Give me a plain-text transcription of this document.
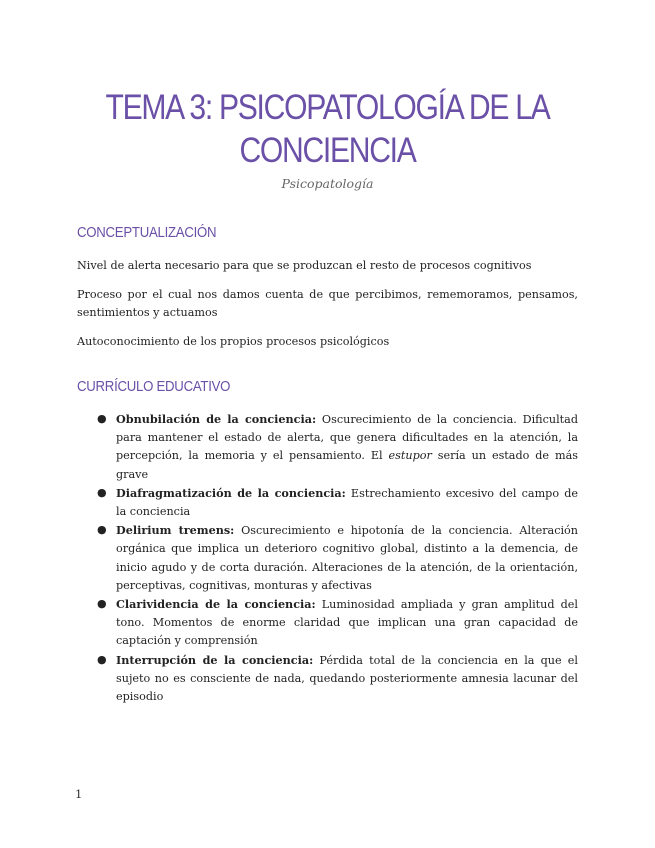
TEMA 3: PSICOPATOLOGÍA DE LA CONCIENCIA
Psicopatología
CONCEPTUALIZACIÓN

Nivel de alerta necesario para que se produzcan el resto de procesos cognitivos

Proceso por el cual nos damos cuenta de que percibimos, rememoramos, pensamos, sentimientos y actuamos

Autoconocimiento de los propios procesos psicológicos

CURRÍCULO EDUCATIVO
● Obnubilación de la conciencia: Oscurecimiento de la conciencia. Dificultad para mantener el estado de alerta, que genera dificultades en la atención, la percepción, la memoria y el pensamiento. El estupor sería un estado de más grave
● Diafragmatización de la conciencia: Estrechamiento excesivo del campo de la conciencia
● Delirium tremens: Oscurecimiento e hipotonía de la conciencia. Alteración orgánica que implica un deterioro cognitivo global, distinto a la demencia, de inicio agudo y de corta duración. Alteraciones de la atención, de la orientación, perceptivas, cognitivas, monturas y afectivas
● Clarividencia de la conciencia: Luminosidad ampliada y gran amplitud del tono. Momentos de enorme claridad que implican una gran capacidad de captación y comprensión
● Interrupción de la conciencia: Pérdida total de la conciencia en la que el sujeto no es consciente de nada, quedando posteriormente amnesia lacunar del episodio
1
